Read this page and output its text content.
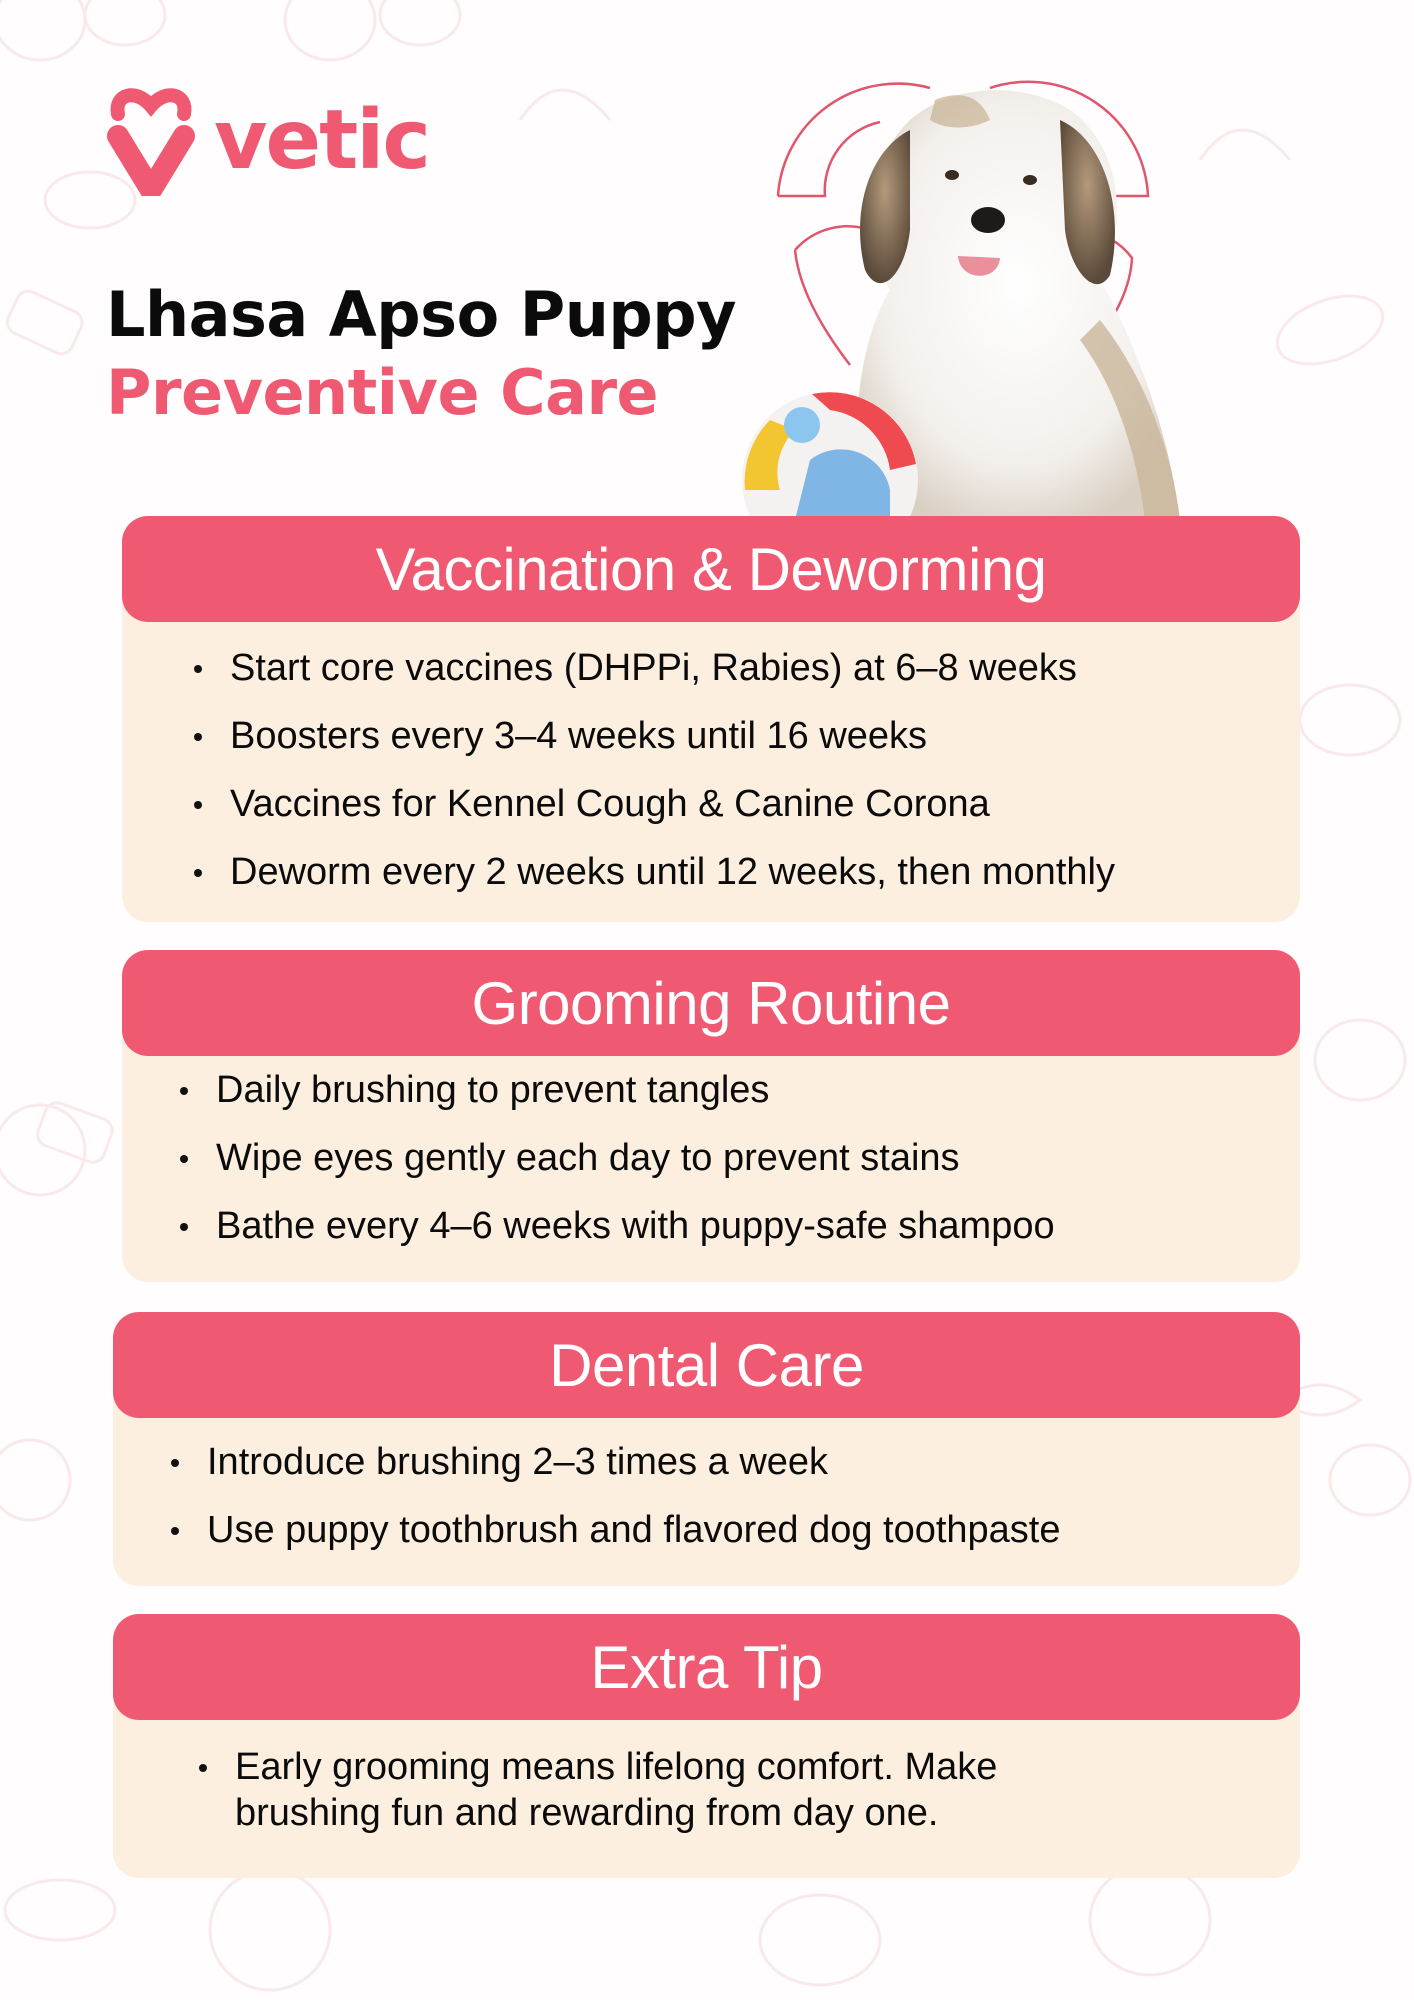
vetic
Lhasa Apso Puppy
Preventive Care
Vaccination & Deworming
Start core vaccines (DHPPi, Rabies) at 6–8 weeks
Boosters every 3–4 weeks until 16 weeks
Vaccines for Kennel Cough & Canine Corona
Deworm every 2 weeks until 12 weeks, then monthly
Grooming Routine
Daily brushing to prevent tangles
Wipe eyes gently each day to prevent stains
Bathe every 4–6 weeks with puppy-safe shampoo
Dental Care
Introduce brushing 2–3 times a week
Use puppy toothbrush and flavored dog toothpaste
Extra Tip
Early grooming means lifelong comfort. Make brushing fun and rewarding from day one.
